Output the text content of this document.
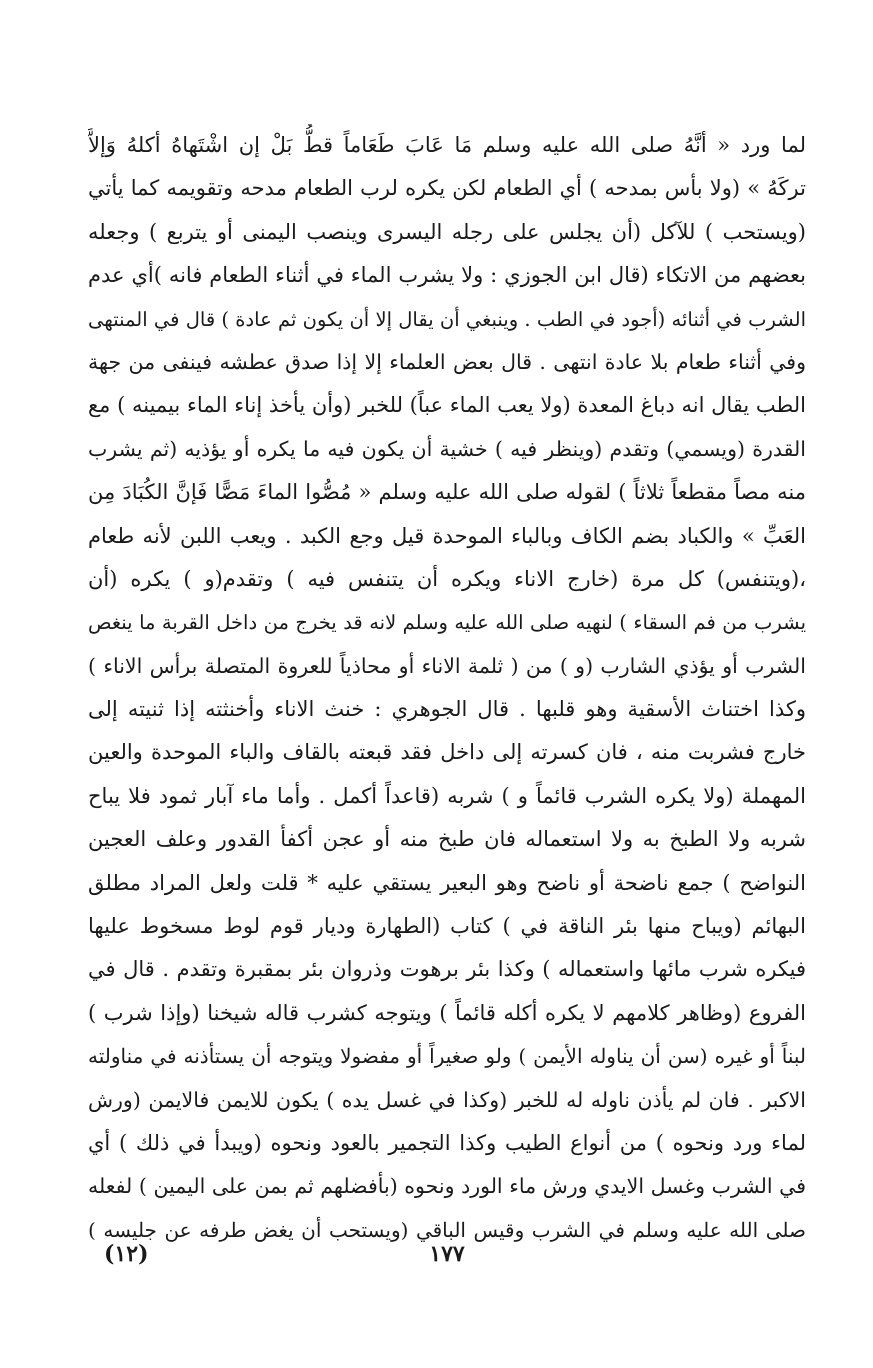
لما ورد « أنَّهُ صلى الله عليه وسلم مَا عَابَ طَعَاماً قطُّ بَلْ إن اشْتَهاهُ أكلهُ وَإلاَّ
تركَهُ » (ولا بأس بمدحه ) أي الطعام لكن يكره لرب الطعام مدحه وتقويمه كما يأتي
(ويستحب ) للآكل (أن يجلس على رجله اليسرى وينصب اليمنى أو يتربع ) وجعله
بعضهم من الاتكاء (قال ابن الجوزي : ولا يشرب الماء في أثناء الطعام فانه )أي عدم
الشرب في أثنائه (أجود في الطب . وينبغي أن يقال إلا أن يكون ثم عادة ) قال في المنتهى
وفي أثناء طعام بلا عادة انتهى . قال بعض العلماء إلا إذا صدق عطشه فينفى من جهة
الطب يقال انه دباغ المعدة (ولا يعب الماء عباً) للخبر (وأن يأخذ إناء الماء بيمينه ) مع
القدرة (ويسمي) وتقدم (وينظر فيه ) خشية أن يكون فيه ما يكره أو يؤذيه (ثم يشرب
منه مصاً مقطعاً ثلاثاً ) لقوله صلى الله عليه وسلم « مُصُّوا الماءَ مَصًّا فَإنَّ الكُبَادَ مِن
العَبِّ » والكباد بضم الكاف وبالباء الموحدة قيل وجع الكبد . ويعب اللبن لأنه طعام
،(ويتنفس) كل مرة (خارج الاناء ويكره أن يتنفس فيه ) وتقدم(و ) يكره (أن
يشرب من فم السقاء ) لنهيه صلى الله عليه وسلم لانه قد يخرج من داخل القربة ما ينغص
الشرب أو يؤذي الشارب (و ) من ( ثلمة الاناء أو محاذياً للعروة المتصلة برأس الاناء )
وكذا اختناث الأسقية وهو قلبها . قال الجوهري : خنث الاناء وأخنثته إذا ثنيته إلى
خارج فشربت منه ، فان كسرته إلى داخل فقد قبعته بالقاف والباء الموحدة والعين
المهملة (ولا يكره الشرب قائماً و ) شربه (قاعداً أكمل . وأما ماء آبار ثمود فلا يباح
شربه ولا الطبخ به ولا استعماله فان طبخ منه أو عجن أكفأ القدور وعلف العجين
النواضح ) جمع ناضحة أو ناضح وهو البعير يستقي عليه * قلت ولعل المراد مطلق
البهائم (ويباح منها بئر الناقة في ) كتاب (الطهارة وديار قوم لوط مسخوط عليها
فيكره شرب مائها واستعماله ) وكذا بئر برهوت وذروان بئر بمقبرة وتقدم . قال في
الفروع (وظاهر كلامهم لا يكره أكله قائماً ) ويتوجه كشرب قاله شيخنا (وإذا شرب )
لبناً أو غيره (سن أن يناوله الأيمن ) ولو صغيراً أو مفضولا ويتوجه أن يستأذنه في مناولته
الاكبر . فان لم يأذن ناوله له للخبر (وكذا في غسل يده ) يكون للايمن فالايمن (ورش
لماء ورد ونحوه ) من أنواع الطيب وكذا التجمير بالعود ونحوه (ويبدأ في ذلك ) أي
في الشرب وغسل الايدي ورش ماء الورد ونحوه (بأفضلهم ثم بمن على اليمين ) لفعله
صلى الله عليه وسلم في الشرب وقيس الباقي (ويستحب أن يغض طرفه عن جليسه )
(١٢)	١٧٧
